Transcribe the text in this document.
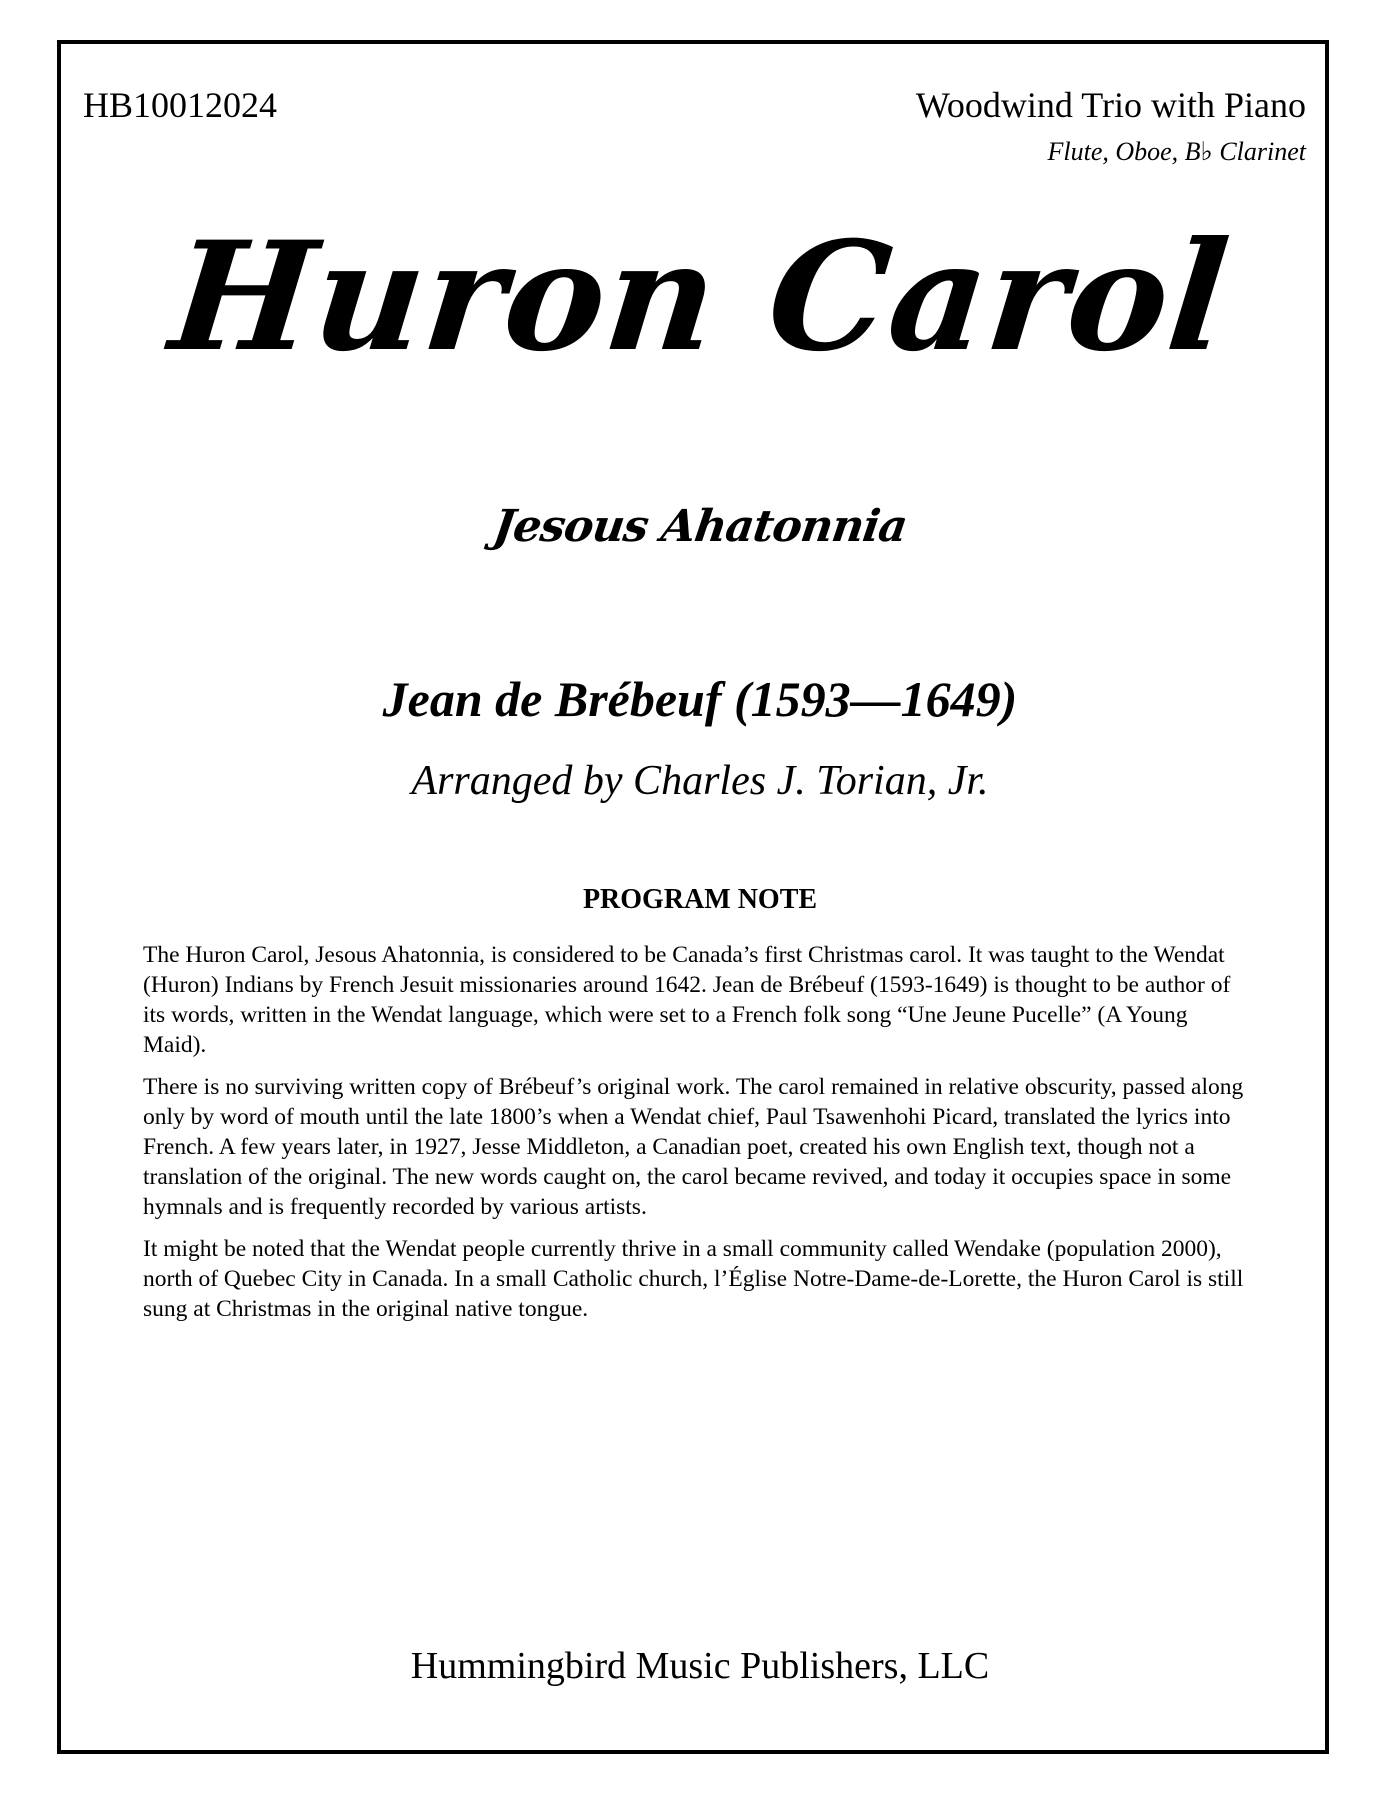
HB10012024	Woodwind Trio with Piano
Flute, Oboe, B♭ Clarinet
Huron Carol
Jesous Ahatonnia
Jean de Brébeuf (1593—1649)
Arranged by Charles J. Torian, Jr.
PROGRAM NOTE

The Huron Carol, Jesous Ahatonnia, is considered to be Canada’s first Christmas carol. It was taught to the Wendat (Huron) Indians by French Jesuit missionaries around 1642. Jean de Brébeuf (1593-1649) is thought to be author of its words, written in the Wendat language, which were set to a French folk song “Une Jeune Pucelle” (A Young Maid).

There is no surviving written copy of Brébeuf’s original work. The carol remained in relative obscurity, passed along only by word of mouth until the late 1800’s when a Wendat chief, Paul Tsawenhohi Picard, translated the lyrics into French. A few years later, in 1927, Jesse Middleton, a Canadian poet, created his own English text, though not a translation of the original. The new words caught on, the carol became revived, and today it occupies space in some hymnals and is frequently recorded by various artists.

It might be noted that the Wendat people currently thrive in a small community called Wendake (population 2000), north of Quebec City in Canada. In a small Catholic church, l’Église Notre-Dame-de-Lorette, the Huron Carol is still sung at Christmas in the original native tongue.

Hummingbird Music Publishers, LLC
